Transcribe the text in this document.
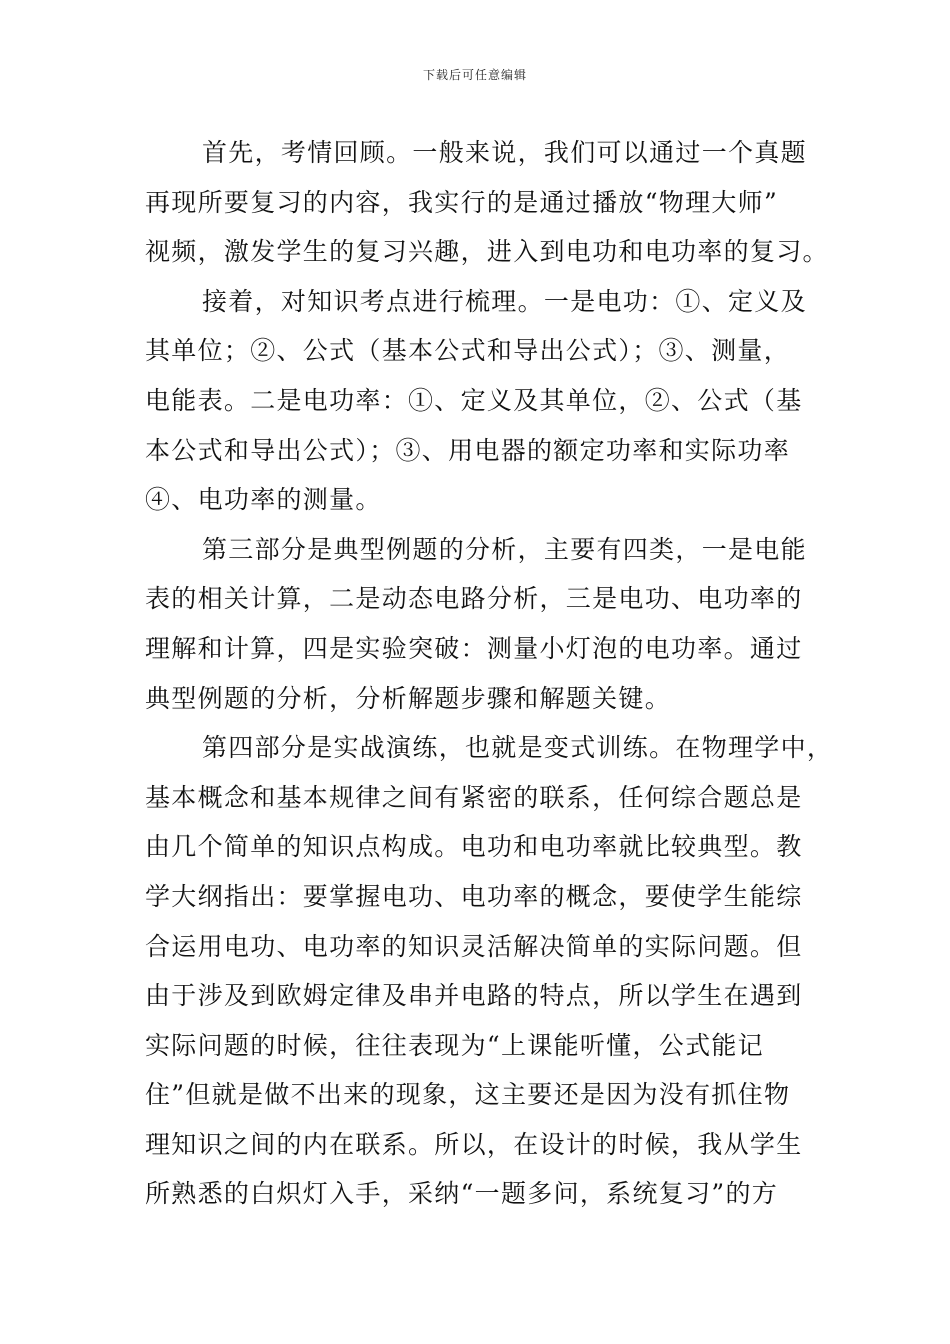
下载后可任意编辑
首先，考情回顾。一般来说，我们可以通过一个真题
再现所要复习的内容，我实行的是通过播放“物理大师”
视频，激发学生的复习兴趣，进入到电功和电功率的复习。
接着，对知识考点进行梳理。一是电功：①、定义及
其单位；②、公式（基本公式和导出公式）；③、测量，
电能表。二是电功率：①、定义及其单位，②、公式（基
本公式和导出公式）；③、用电器的额定功率和实际功率
④、电功率的测量。
第三部分是典型例题的分析，主要有四类，一是电能
表的相关计算，二是动态电路分析，三是电功、电功率的
理解和计算，四是实验突破：测量小灯泡的电功率。通过
典型例题的分析，分析解题步骤和解题关键。
第四部分是实战演练，也就是变式训练。在物理学中，
基本概念和基本规律之间有紧密的联系，任何综合题总是
由几个简单的知识点构成。电功和电功率就比较典型。教
学大纲指出：要掌握电功、电功率的概念，要使学生能综
合运用电功、电功率的知识灵活解决简单的实际问题。但
由于涉及到欧姆定律及串并电路的特点，所以学生在遇到
实际问题的时候，往往表现为“上课能听懂，公式能记
住”但就是做不出来的现象，这主要还是因为没有抓住物
理知识之间的内在联系。所以，在设计的时候，我从学生
所熟悉的白炽灯入手，采纳“一题多问，系统复习”的方
